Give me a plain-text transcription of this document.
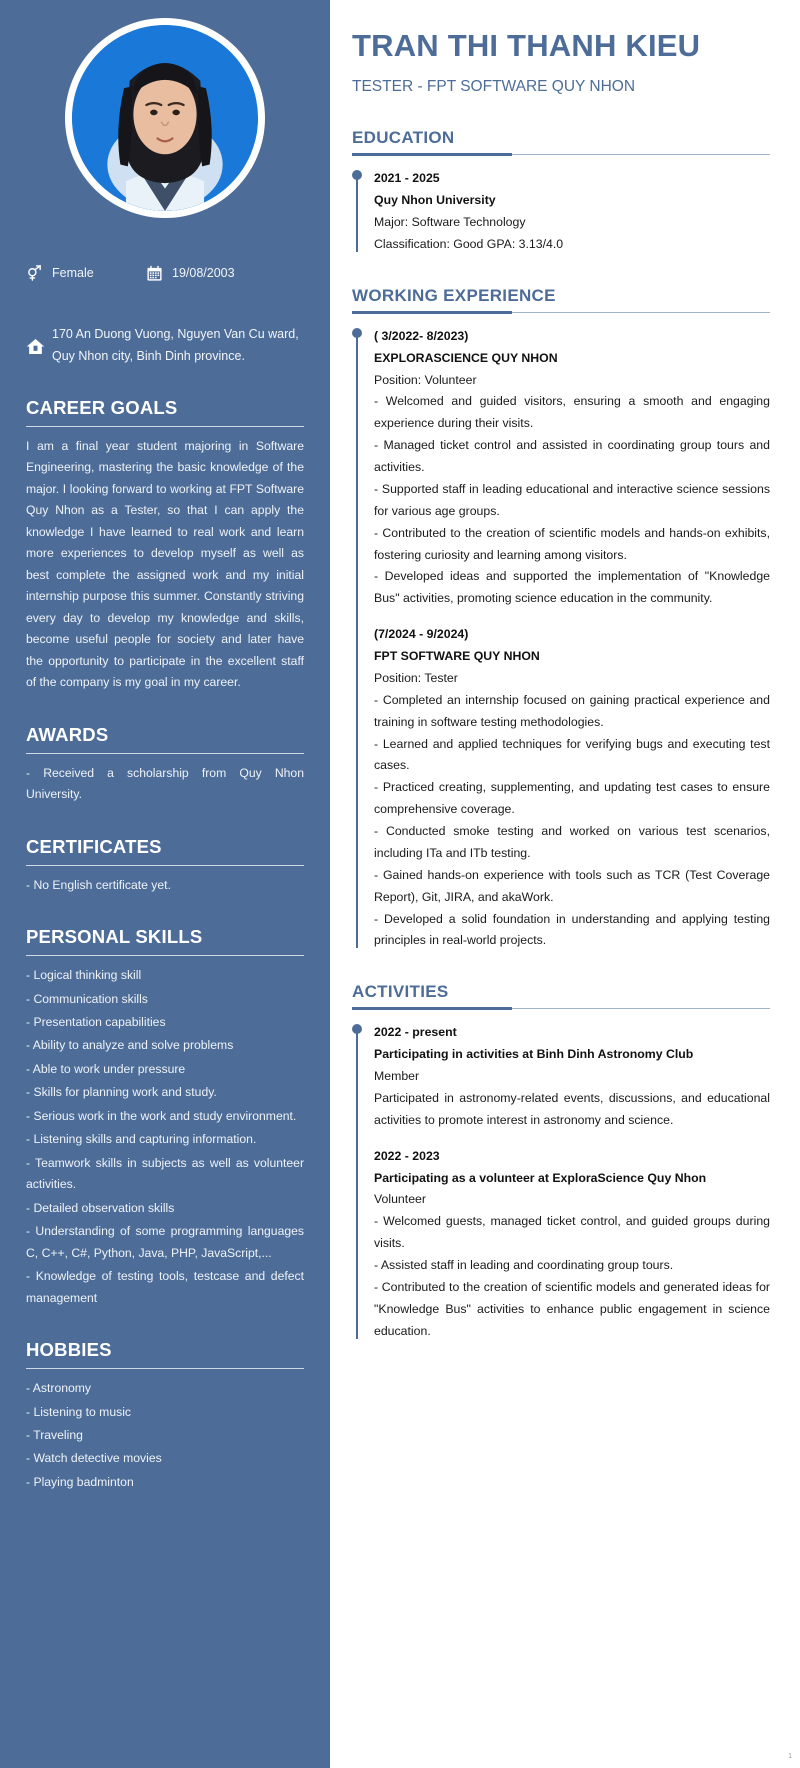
Female	19/08/2003
170 An Duong Vuong, Nguyen Van Cu ward, Quy Nhon city, Binh Dinh province.
CAREER GOALS

I am a final year student majoring in Software Engineering, mastering the basic knowledge of the major. I looking forward to working at FPT Software Quy Nhon as a Tester, so that I can apply the knowledge I have learned to real work and learn more experiences to develop myself as well as best complete the assigned work and my initial internship purpose this summer. Constantly striving every day to develop my knowledge and skills, become useful people for society and later have the opportunity to participate in the excellent staff of the company is my goal in my career.

AWARDS
- Received a scholarship from Quy Nhon University.
CERTIFICATES
- No English certificate yet.
PERSONAL SKILLS
- Logical thinking skill
- Communication skills
- Presentation capabilities
- Ability to analyze and solve problems
- Able to work under pressure
- Skills for planning work and study.
- Serious work in the work and study environment.
- Listening skills and capturing information.
- Teamwork skills in subjects as well as volunteer activities.
- Detailed observation skills
- Understanding of some programming languages C, C++, C#, Python, Java, PHP, JavaScript,...
- Knowledge of testing tools, testcase and defect management
HOBBIES
- Astronomy
- Listening to music
- Traveling
- Watch detective movies
- Playing badminton
TRAN THI THANH KIEU
TESTER - FPT SOFTWARE QUY NHON
EDUCATION
2021 - 2025
Quy Nhon University
Major: Software Technology
Classification: Good GPA: 3.13/4.0
WORKING EXPERIENCE
( 3/2022- 8/2023)
EXPLORASCIENCE QUY NHON
Position: Volunteer
- Welcomed and guided visitors, ensuring a smooth and engaging experience during their visits.
- Managed ticket control and assisted in coordinating group tours and activities.
- Supported staff in leading educational and interactive science sessions for various age groups.
- Contributed to the creation of scientific models and hands-on exhibits, fostering curiosity and learning among visitors.
- Developed ideas and supported the implementation of "Knowledge Bus" activities, promoting science education in the community.
(7/2024 - 9/2024)
FPT SOFTWARE QUY NHON
Position: Tester
- Completed an internship focused on gaining practical experience and training in software testing methodologies.
- Learned and applied techniques for verifying bugs and executing test cases.
- Practiced creating, supplementing, and updating test cases to ensure comprehensive coverage.
- Conducted smoke testing and worked on various test scenarios, including ITa and ITb testing.
- Gained hands-on experience with tools such as TCR (Test Coverage Report), Git, JIRA, and akaWork.
- Developed a solid foundation in understanding and applying testing principles in real-world projects.
ACTIVITIES
2022 - present
Participating in activities at Binh Dinh Astronomy Club
Member
Participated in astronomy-related events, discussions, and educational activities to promote interest in astronomy and science.
2022 - 2023
Participating as a volunteer at ExploraScience Quy Nhon
Volunteer
- Welcomed guests, managed ticket control, and guided groups during visits.
- Assisted staff in leading and coordinating group tours.
- Contributed to the creation of scientific models and generated ideas for "Knowledge Bus" activities to enhance public engagement in science education.
1
